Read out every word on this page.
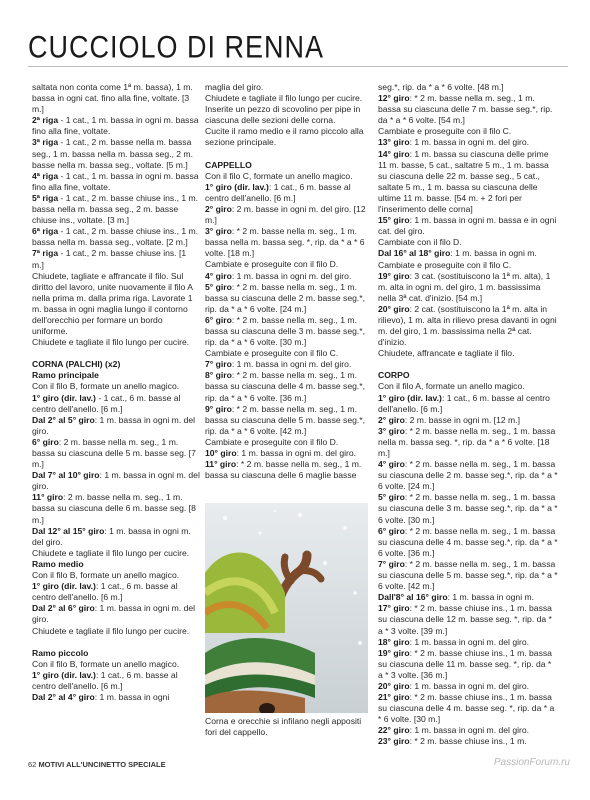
CUCCIOLO DI RENNA

saltata non conta come 1ª m. bassa), 1 m. bassa in ogni cat. fino alla fine, voltate. [3 m.]

2ª riga - 1 cat., 1 m. bassa in ogni m. bassa fino alla fine, voltate.

3ª riga - 1 cat., 2 m. basse nella m. bassa seg., 1 m. bassa nella m. bassa seg., 2 m. basse nella m. bassa seg., voltate. [5 m.]

4ª riga - 1 cat., 1 m. bassa in ogni m. bassa fino alla fine, voltate.

5ª riga - 1 cat., 2 m. basse chiuse ins., 1 m. bassa nella m. bassa seg., 2 m. basse chiuse ins., voltate. [3 m.]

6ª riga - 1 cat., 2 m. basse chiuse ins., 1 m. bassa nella m. bassa seg., voltate. [2 m.]

7ª riga - 1 cat., 2 m. basse chiuse ins. [1 m.]

Chiudete, tagliate e affrancate il filo. Sul diritto del lavoro, unite nuovamente il filo A nella prima m. dalla prima riga. Lavorate 1 m. bassa in ogni maglia lungo il contorno dell'orecchio per formare un bordo uniforme.

Chiudete e tagliate il filo lungo per cucire.

CORNA (PALCHI) (x2)

Ramo principale

Con il filo B, formate un anello magico.

1° giro (dir. lav.) - 1 cat., 6 m. basse al centro dell'anello. [6 m.]

Dal 2° al 5° giro: 1 m. bassa in ogni m. del giro.

6° giro: 2 m. basse nella m. seg., 1 m. bassa su ciascuna delle 5 m. basse seg. [7 m.]

Dal 7° al 10° giro: 1 m. bassa in ogni m. del giro.

11° giro: 2 m. basse nella m. seg., 1 m. bassa su ciascuna delle 6 m. basse seg. [8 m.]

Dal 12° al 15° giro: 1 m. bassa in ogni m. del giro.

Chiudete e tagliate il filo lungo per cucire.

Ramo medio

Con il filo B, formate un anello magico.

1° giro (dir. lav.): 1 cat., 6 m. basse al centro dell'anello. [6 m.]

Dal 2° al 6° giro: 1 m. bassa in ogni m. del giro.

Chiudete e tagliate il filo lungo per cucire.

Ramo piccolo

Con il filo B, formate un anello magico.

1° giro (dir. lav.): 1 cat., 6 m. basse al centro dell'anello. [6 m.]

Dal 2° al 4° giro: 1 m. bassa in ogni

maglia del giro.

Chiudete e tagliate il filo lungo per cucire.

Inserite un pezzo di scovolino per pipe in ciascuna delle sezioni delle corna.

Cucite il ramo medio e il ramo piccolo alla sezione principale.

CAPPELLO

Con il filo C, formate un anello magico.

1° giro (dir. lav.): 1 cat., 6 m. basse al centro dell'anello. [6 m.]

2° giro: 2 m. basse in ogni m. del giro. [12 m.]

3° giro: * 2 m. basse nella m. seg., 1 m. bassa nella m. bassa seg. *, rip. da * a * 6 volte. [18 m.]

Cambiate e proseguite con il filo D.

4° giro: 1 m. bassa in ogni m. del giro.

5° giro: * 2 m. basse nella m. seg., 1 m. bassa su ciascuna delle 2 m. basse seg.*, rip. da * a * 6 volte. [24 m.]

6° giro: * 2 m. basse nella m. seg., 1 m. bassa su ciascuna delle 3 m. basse seg.*, rip. da * a * 6 volte. [30 m.]

Cambiate e proseguite con il filo C.

7° giro: 1 m. bassa in ogni m. del giro.

8° giro: * 2 m. basse nella m. seg., 1 m. bassa su ciascuna delle 4 m. basse seg.*, rip. da * a * 6 volte. [36 m.]

9° giro: * 2 m. basse nella m. seg., 1 m. bassa su ciascuna delle 5 m. basse seg.*, rip. da * a * 6 volte. [42 m.]

Cambiate e proseguite con il filo D.

10° giro: 1 m. bassa in ogni m. del giro.

11° giro: * 2 m. basse nella m. seg., 1 m. bassa su ciascuna delle 6 maglie basse

seg.*, rip. da * a * 6 volte. [48 m.]

12° giro: * 2 m. basse nella m. seg., 1 m. bassa su ciascuna delle 7 m. basse seg.*, rip. da * a * 6 volte. [54 m.]

Cambiate e proseguite con il filo C.

13° giro: 1 m. bassa in ogni m. del giro.

14° giro: 1 m. bassa su ciascuna delle prime 11 m. basse, 5 cat., saltatre 5 m., 1 m. bassa su ciascuna delle 22 m. basse seg., 5 cat., saltate 5 m., 1 m. bassa su ciascuna delle ultime 11 m. basse. [54 m. + 2 fori per l'inserimento delle corna]

15° giro: 1 m. bassa in ogni m. bassa e in ogni cat. del giro.

Cambiate con il filo D.

Dal 16° al 18° giro: 1 m. bassa in ogni m.

Cambiate e proseguite con il filo C.

19° giro: 3 cat. (sostituiscono la 1ª m. alta), 1 m. alta in ogni m. del giro, 1 m. bassissima nella 3ª cat. d'inizio. [54 m.]

20° giro: 2 cat. (sostituiscono la 1ª m. alta in rilievo), 1 m. alta in rilievo presa davanti in ogni m. del giro, 1 m. bassissima nella 2ª cat. d'inizio.

Chiudete, affrancate e tagliate il filo.

CORPO

Con il filo A, formate un anello magico.

1° giro (dir. lav.): 1 cat., 6 m. basse al centro dell'anello. [6 m.]

2° giro: 2 m. basse in ogni m. [12 m.]

3° giro: * 2 m. basse nella m. seg., 1 m. bassa nella m. bassa seg. *, rip. da * a * 6 volte. [18 m.]

4° giro: * 2 m. basse nella m. seg., 1 m. bassa su ciascuna delle 2 m. basse seg.*, rip. da * a * 6 volte. [24 m.]

5° giro: * 2 m. basse nella m. seg., 1 m. bassa su ciascuna delle 3 m. basse seg.*, rip. da * a * 6 volte. [30 m.]

6° giro: * 2 m. basse nella m. seg., 1 m. bassa su ciascuna delle 4 m. basse seg.*, rip. da * a * 6 volte. [36 m.]

7° giro: * 2 m. basse nella m. seg., 1 m. bassa su ciascuna delle 5 m. basse seg.*, rip. da * a * 6 volte. [42 m.]

Dall'8° al 16° giro: 1 m. bassa in ogni m.

17° giro: * 2 m. basse chiuse ins., 1 m. bassa su ciascuna delle 12 m. basse seg. *, rip. da * a * 3 volte. [39 m.]

18° giro: 1 m. bassa in ogni m. del giro.

19° giro: * 2 m. basse chiuse ins., 1 m. bassa su ciascuna delle 11 m. basse seg. *, rip. da * a * 3 volte. [36 m.]

20° giro: 1 m. bassa in ogni m. del giro.

21° giro: * 2 m. basse chiuse ins., 1 m. bassa su ciascuna delle 4 m. basse seg. *, rip. da * a * 6 volte. [30 m.]

22° giro: 1 m. bassa in ogni m. del giro.

23° giro: * 2 m. basse chiuse ins., 1 m.

Corna e orecchie si infilano negli appositi fori del cappello.
62 MOTIVI ALL'UNCINETTO SPECIALE	PassionForum.ru
